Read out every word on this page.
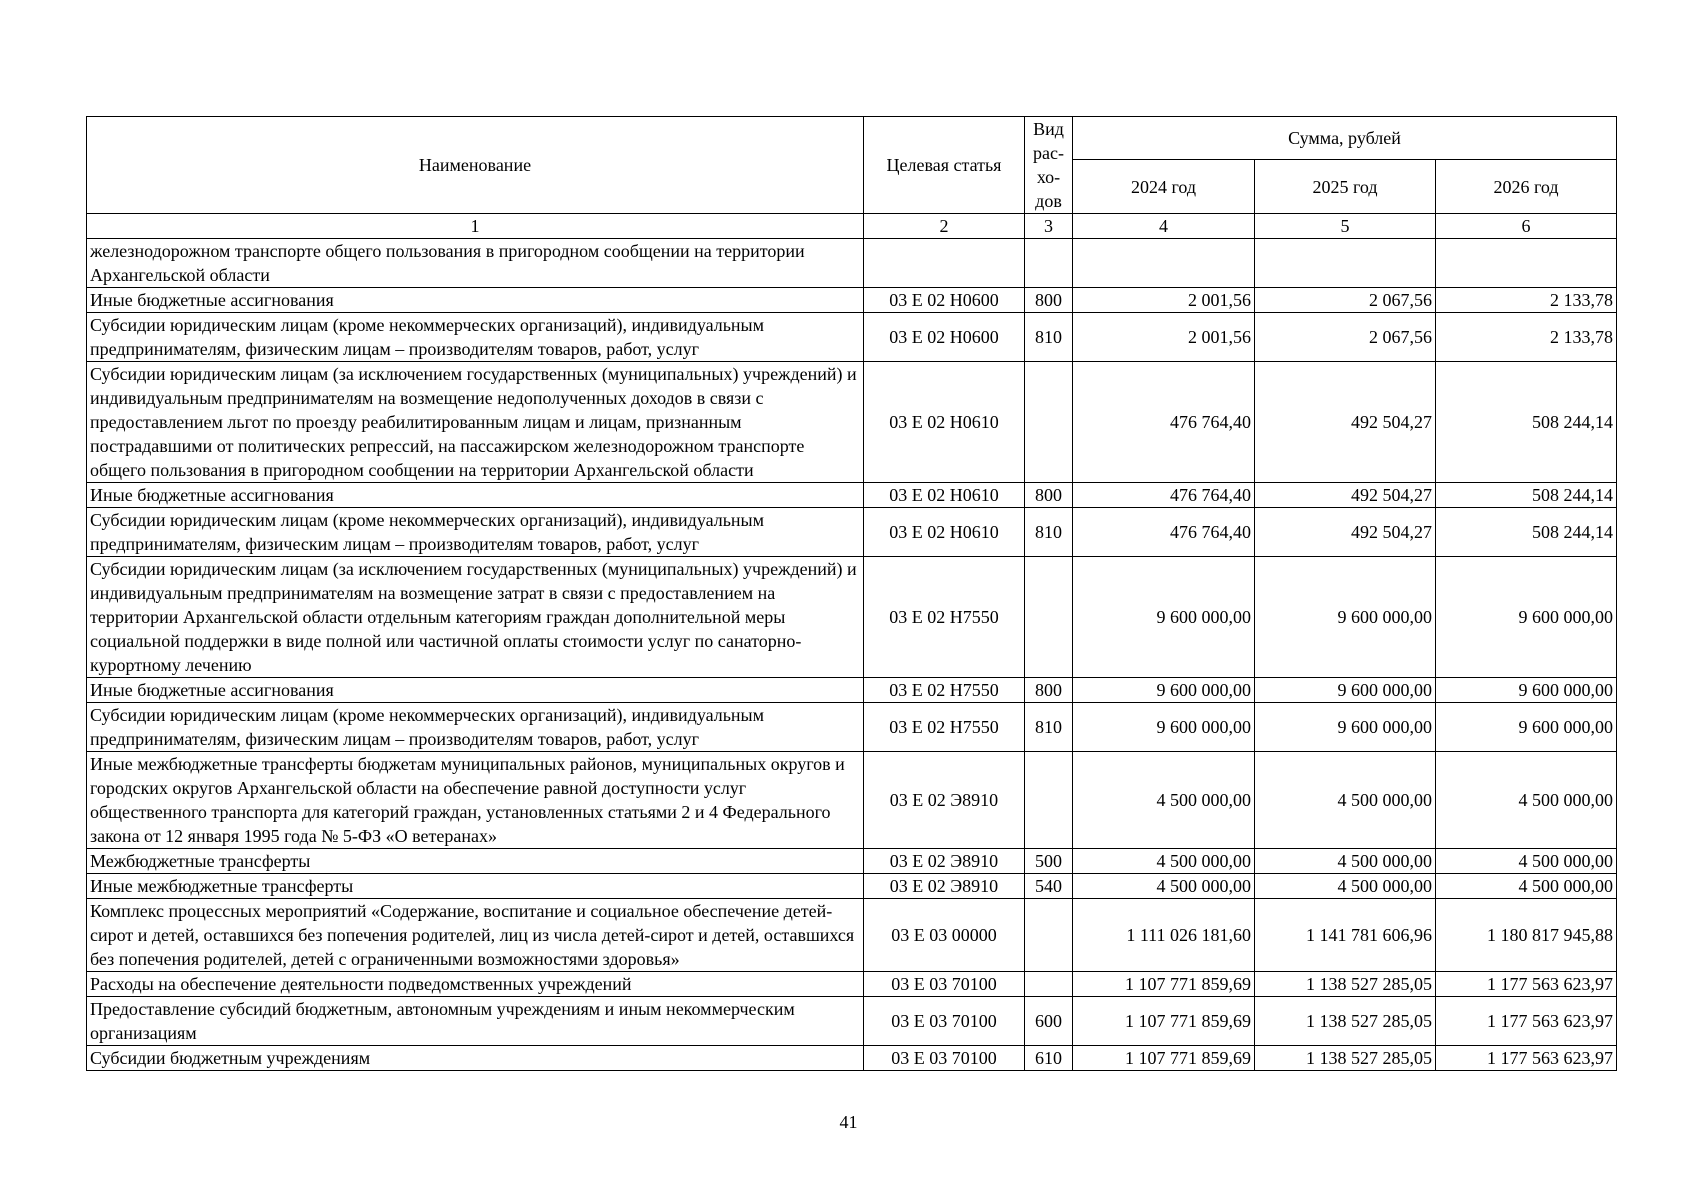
Наименование	Целевая статья	Вид рас- хо- дов	Сумма, рублей		
			2024 год	2025 год	2026 год
1	2	3	4	5	6
железнодорожном транспорте общего пользования в пригородном сообщении на территории Архангельской области					
Иные бюджетные ассигнования	03 Е 02 Н0600	800	2 001,56	2 067,56	2 133,78
Субсидии юридическим лицам (кроме некоммерческих организаций), индивидуальным предпринимателям, физическим лицам – производителям товаров, работ, услуг	03 Е 02 Н0600	810	2 001,56	2 067,56	2 133,78
Субсидии юридическим лицам (за исключением государственных (муниципальных) учреждений) и индивидуальным предпринимателям на возмещение недополученных доходов в связи с предоставлением льгот по проезду реабилитированным лицам и лицам, признанным пострадавшими от политических репрессий, на пассажирском железнодорожном транспорте общего пользования в пригородном сообщении на территории Архангельской области	03 Е 02 Н0610		476 764,40	492 504,27	508 244,14
Иные бюджетные ассигнования	03 Е 02 Н0610	800	476 764,40	492 504,27	508 244,14
Субсидии юридическим лицам (кроме некоммерческих организаций), индивидуальным предпринимателям, физическим лицам – производителям товаров, работ, услуг	03 Е 02 Н0610	810	476 764,40	492 504,27	508 244,14
Субсидии юридическим лицам (за исключением государственных (муниципальных) учреждений) и индивидуальным предпринимателям на возмещение затрат в связи с предоставлением на территории Архангельской области отдельным категориям граждан дополнительной меры социальной поддержки в виде полной или частичной оплаты стоимости услуг по санаторно-курортному лечению	03 Е 02 Н7550		9 600 000,00	9 600 000,00	9 600 000,00
Иные бюджетные ассигнования	03 Е 02 Н7550	800	9 600 000,00	9 600 000,00	9 600 000,00
Субсидии юридическим лицам (кроме некоммерческих организаций), индивидуальным предпринимателям, физическим лицам – производителям товаров, работ, услуг	03 Е 02 Н7550	810	9 600 000,00	9 600 000,00	9 600 000,00
Иные межбюджетные трансферты бюджетам муниципальных районов, муниципальных округов и городских округов Архангельской области на обеспечение равной доступности услуг общественного транспорта для категорий граждан, установленных статьями 2 и 4 Федерального закона от 12 января 1995 года № 5-ФЗ «О ветеранах»	03 Е 02 Э8910		4 500 000,00	4 500 000,00	4 500 000,00
Межбюджетные трансферты	03 Е 02 Э8910	500	4 500 000,00	4 500 000,00	4 500 000,00
Иные межбюджетные трансферты	03 Е 02 Э8910	540	4 500 000,00	4 500 000,00	4 500 000,00
Комплекс процессных мероприятий «Содержание, воспитание и социальное обеспечение детей-сирот и детей, оставшихся без попечения родителей, лиц из числа детей-сирот и детей, оставшихся без попечения родителей, детей с ограниченными возможностями здоровья»	03 Е 03 00000		1 111 026 181,60	1 141 781 606,96	1 180 817 945,88
Расходы на обеспечение деятельности подведомственных учреждений	03 Е 03 70100		1 107 771 859,69	1 138 527 285,05	1 177 563 623,97
Предоставление субсидий бюджетным, автономным учреждениям и иным некоммерческим организациям	03 Е 03 70100	600	1 107 771 859,69	1 138 527 285,05	1 177 563 623,97
Субсидии бюджетным учреждениям	03 Е 03 70100	610	1 107 771 859,69	1 138 527 285,05	1 177 563 623,97
41
